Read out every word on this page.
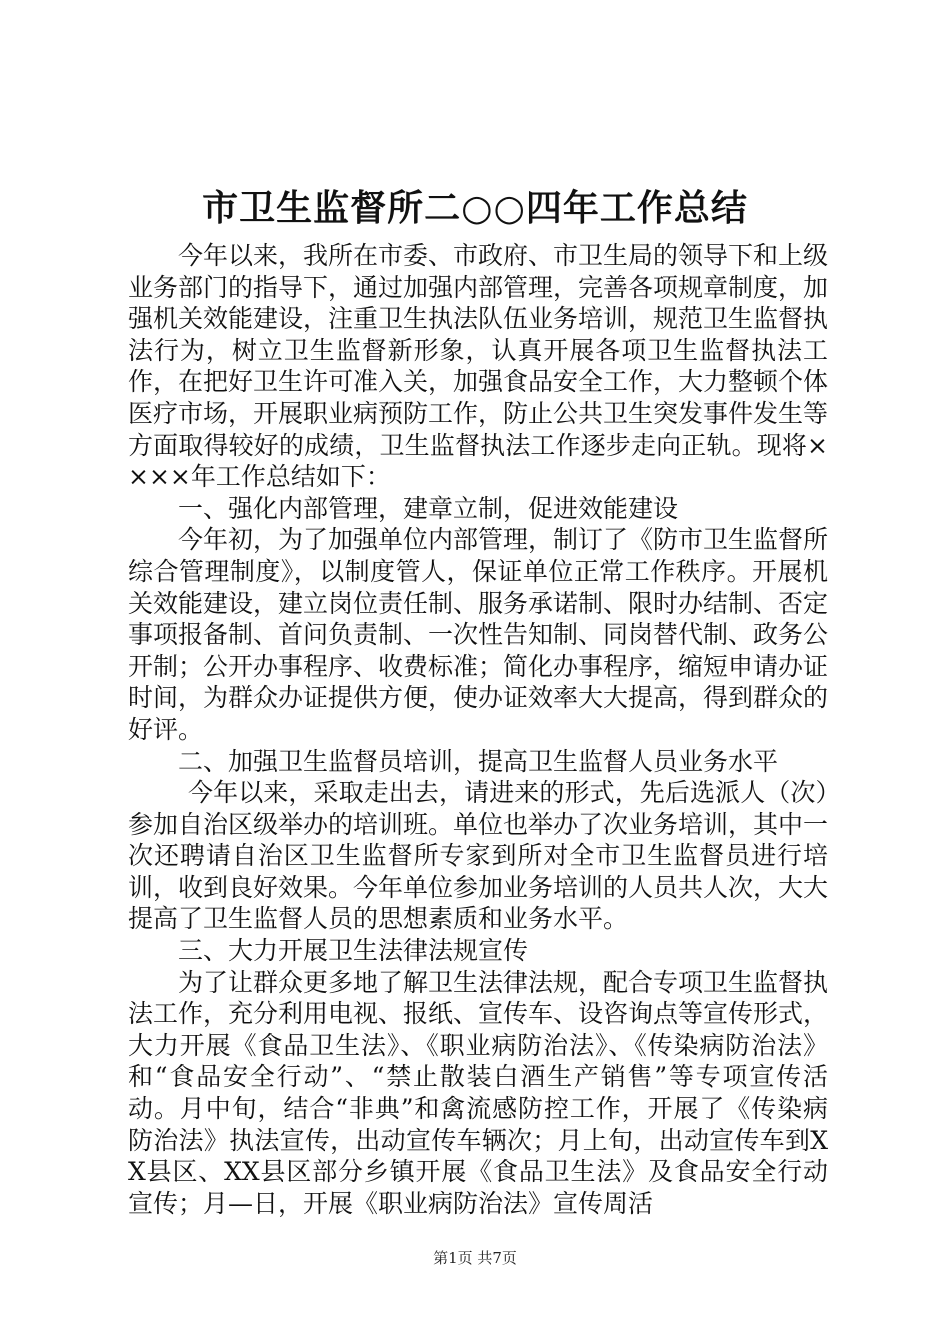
市卫生监督所二○○四年工作总结

今年以来，我所在市委、市政府、市卫生局的领导下和上级业务部门的指导下，通过加强内部管理，完善各项规章制度，加强机关效能建设，注重卫生执法队伍业务培训，规范卫生监督执法行为，树立卫生监督新形象，认真开展各项卫生监督执法工作，在把好卫生许可准入关，加强食品安全工作，大力整顿个体医疗市场，开展职业病预防工作，防止公共卫生突发事件发生等方面取得较好的成绩，卫生监督执法工作逐步走向正轨。现将××××年工作总结如下：

一、强化内部管理，建章立制，促进效能建设

今年初，为了加强单位内部管理，制订了《防市卫生监督所综合管理制度》，以制度管人，保证单位正常工作秩序。开展机关效能建设，建立岗位责任制、服务承诺制、限时办结制、否定事项报备制、首问负责制、一次性告知制、同岗替代制、政务公开制；公开办事程序、收费标准；简化办事程序，缩短申请办证时间，为群众办证提供方便，使办证效率大大提高，得到群众的好评。

二、加强卫生监督员培训，提高卫生监督人员业务水平

今年以来，采取走出去，请进来的形式，先后选派人（次）参加自治区级举办的培训班。单位也举办了次业务培训，其中一次还聘请自治区卫生监督所专家到所对全市卫生监督员进行培训，收到良好效果。今年单位参加业务培训的人员共人次，大大提高了卫生监督人员的思想素质和业务水平。

三、大力开展卫生法律法规宣传

为了让群众更多地了解卫生法律法规，配合专项卫生监督执法工作，充分利用电视、报纸、宣传车、设咨询点等宣传形式，大力开展《食品卫生法》、《职业病防治法》、《传染病防治法》和“食品安全行动”、“禁止散装白酒生产销售”等专项宣传活动。月中旬，结合“非典”和禽流感防控工作，开展了《传染病防治法》执法宣传，出动宣传车辆次；月上旬，出动宣传车到XX县区、XX县区部分乡镇开展《食品卫生法》及食品安全行动宣传；月—日，开展《职业病防治法》宣传周活

第1页 共7页
